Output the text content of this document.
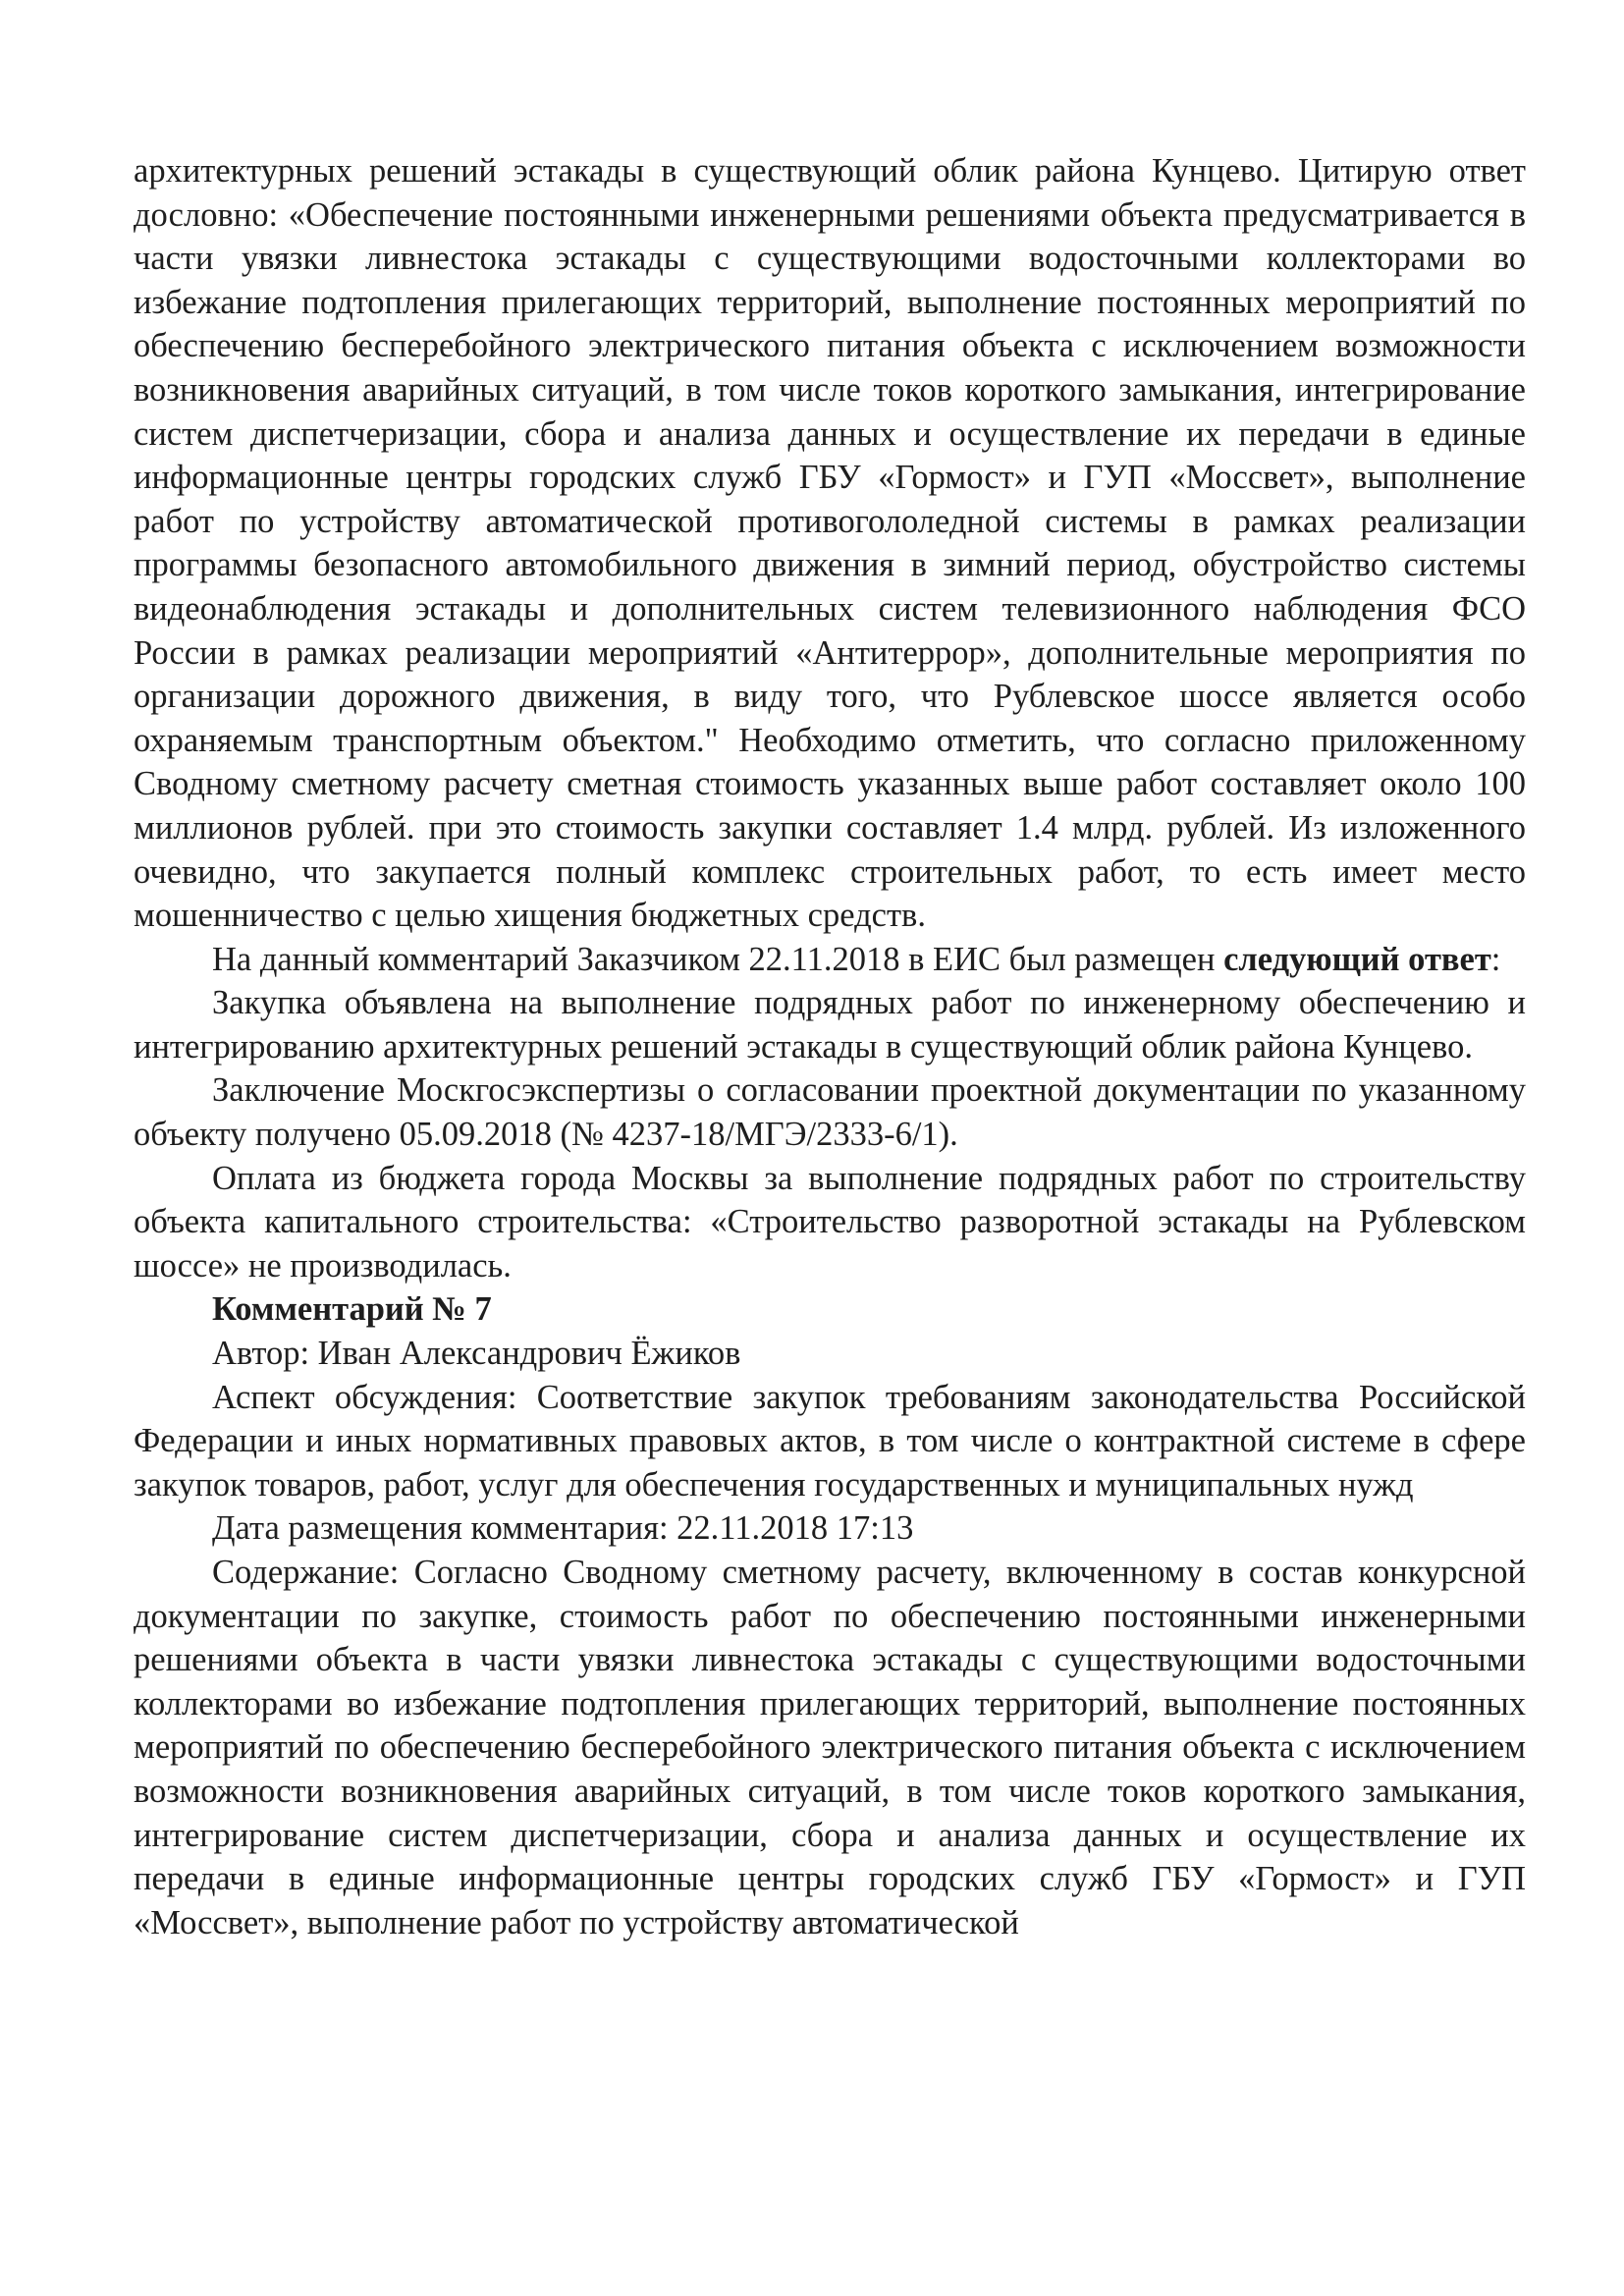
архитектурных решений эстакады в существующий облик района Кунцево. Цитирую ответ дословно: «Обеспечение постоянными инженерными решениями объекта предусматривается в части увязки ливнестока эстакады с существующими водосточными коллекторами во избежание подтопления прилегающих территорий, выполнение постоянных мероприятий по обеспечению бесперебойного электрического питания объекта с исключением возможности возникновения аварийных ситуаций, в том числе токов короткого замыкания, интегрирование систем диспетчеризации, сбора и анализа данных и осуществление их передачи в единые информационные центры городских служб ГБУ «Гормост» и ГУП «Моссвет», выполнение работ по устройству автоматической противогололедной системы в рамках реализации программы безопасного автомобильного движения в зимний период, обустройство системы видеонаблюдения эстакады и дополнительных систем телевизионного наблюдения ФСО России в рамках реализации мероприятий «Антитеррор», дополнительные мероприятия по организации дорожного движения, в виду того, что Рублевское шоссе является особо охраняемым транспортным объектом." Необходимо отметить, что согласно приложенному Сводному сметному расчету сметная стоимость указанных выше работ составляет около 100 миллионов рублей. при это стоимость закупки составляет 1.4 млрд. рублей. Из изложенного очевидно, что закупается полный комплекс строительных работ, то есть имеет место мошенничество с целью хищения бюджетных средств.

На данный комментарий Заказчиком 22.11.2018 в ЕИС был размещен следующий ответ:

Закупка объявлена на выполнение подрядных работ по инженерному обеспечению и интегрированию архитектурных решений эстакады в существующий облик района Кунцево.

Заключение Москгосэкспертизы о согласовании проектной документации по указанному объекту получено 05.09.2018 (№ 4237-18/МГЭ/2333-6/1).

Оплата из бюджета города Москвы за выполнение подрядных работ по строительству объекта капитального строительства: «Строительство разворотной эстакады на Рублевском шоссе» не производилась.

Комментарий № 7

Автор: Иван Александрович Ёжиков

Аспект обсуждения: Соответствие закупок требованиям законодательства Российской Федерации и иных нормативных правовых актов, в том числе о контрактной системе в сфере закупок товаров, работ, услуг для обеспечения государственных и муниципальных нужд

Дата размещения комментария: 22.11.2018 17:13

Содержание: Согласно Сводному сметному расчету, включенному в состав конкурсной документации по закупке, стоимость работ по обеспечению постоянными инженерными решениями объекта в части увязки ливнестока эстакады с существующими водосточными коллекторами во избежание подтопления прилегающих территорий, выполнение постоянных мероприятий по обеспечению бесперебойного электрического питания объекта с исключением возможности возникновения аварийных ситуаций, в том числе токов короткого замыкания, интегрирование систем диспетчеризации, сбора и анализа данных и осуществление их передачи в единые информационные центры городских служб ГБУ «Гормост» и ГУП «Моссвет», выполнение работ по устройству автоматической
